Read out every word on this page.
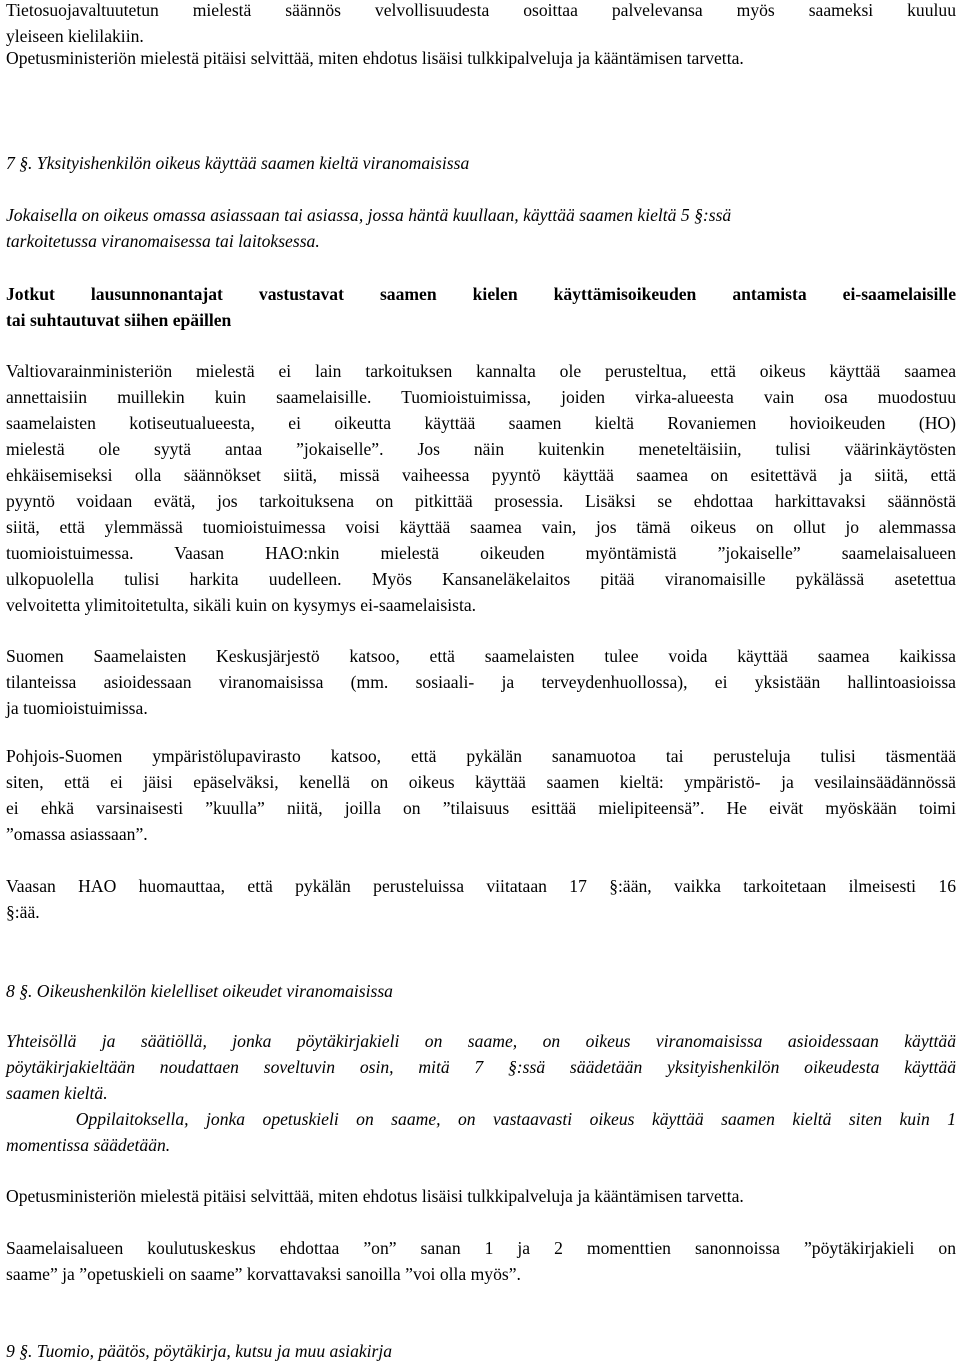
Tietosuojavaltuutetun mielestä säännös velvollisuudesta osoittaa palvelevansa myös saameksi kuuluu
yleiseen kielilakiin.

Opetusministeriön mielestä pitäisi selvittää, miten ehdotus lisäisi tulkkipalveluja ja kääntämisen tarvetta.

7 §. Yksityishenkilön oikeus käyttää saamen kieltä viranomaisissa

Jokaisella on oikeus omassa asiassaan tai asiassa, jossa häntä kuullaan, käyttää saamen kieltä 5 §:ssä
tarkoitetussa viranomaisessa tai laitoksessa.

Jotkut lausunnonantajat vastustavat saamen kielen käyttämisoikeuden antamista ei-saamelaisille
tai suhtautuvat siihen epäillen

Valtiovarainministeriön mielestä ei lain tarkoituksen kannalta ole perusteltua, että oikeus käyttää saamea
annettaisiin muillekin kuin saamelaisille. Tuomioistuimissa, joiden virka-alueesta vain osa muodostuu
saamelaisten kotiseutualueesta, ei oikeutta käyttää saamen kieltä Rovaniemen hovioikeuden (HO)
mielestä ole syytä antaa ”jokaiselle”. Jos näin kuitenkin meneteltäisiin, tulisi väärinkäytösten
ehkäisemiseksi olla säännökset siitä, missä vaiheessa pyyntö käyttää saamea on esitettävä ja siitä, että
pyyntö voidaan evätä, jos tarkoituksena on pitkittää prosessia. Lisäksi se ehdottaa harkittavaksi säännöstä
siitä, että ylemmässä tuomioistuimessa voisi käyttää saamea vain, jos tämä oikeus on ollut jo alemmassa
tuomioistuimessa. Vaasan HAO:nkin mielestä oikeuden myöntämistä ”jokaiselle” saamelaisalueen
ulkopuolella tulisi harkita uudelleen. Myös Kansaneläkelaitos pitää viranomaisille pykälässä asetettua
velvoitetta ylimitoitetulta, sikäli kuin on kysymys ei-saamelaisista.

Suomen Saamelaisten Keskusjärjestö katsoo, että saamelaisten tulee voida käyttää saamea kaikissa
tilanteissa asioidessaan viranomaisissa (mm. sosiaali- ja terveydenhuollossa), ei yksistään hallintoasioissa
ja tuomioistuimissa.

Pohjois-Suomen ympäristölupavirasto katsoo, että pykälän sanamuotoa tai perusteluja tulisi täsmentää
siten, että ei jäisi epäselväksi, kenellä on oikeus käyttää saamen kieltä: ympäristö- ja vesilainsäädännössä
ei ehkä varsinaisesti ”kuulla” niitä, joilla on ”tilaisuus esittää mielipiteensä”. He eivät myöskään toimi
”omassa asiassaan”.

Vaasan HAO huomauttaa, että pykälän perusteluissa viitataan 17 §:ään, vaikka tarkoitetaan ilmeisesti 16
§:ää.

8 §. Oikeushenkilön kielelliset oikeudet viranomaisissa

Yhteisöllä ja säätiöllä, jonka pöytäkirjakieli on saame, on oikeus viranomaisissa asioidessaan käyttää
pöytäkirjakieltään noudattaen soveltuvin osin, mitä 7 §:ssä säädetään yksityishenkilön oikeudesta käyttää
saamen kieltä.
Oppilaitoksella, jonka opetuskieli on saame, on vastaavasti oikeus käyttää saamen kieltä siten kuin 1
momentissa säädetään.

Opetusministeriön mielestä pitäisi selvittää, miten ehdotus lisäisi tulkkipalveluja ja kääntämisen tarvetta.

Saamelaisalueen koulutuskeskus ehdottaa ”on” sanan 1 ja 2 momenttien sanonnoissa ”pöytäkirjakieli on
saame” ja ”opetuskieli on saame” korvattavaksi sanoilla ”voi olla myös”.

9 §. Tuomio, päätös, pöytäkirja, kutsu ja muu asiakirja
